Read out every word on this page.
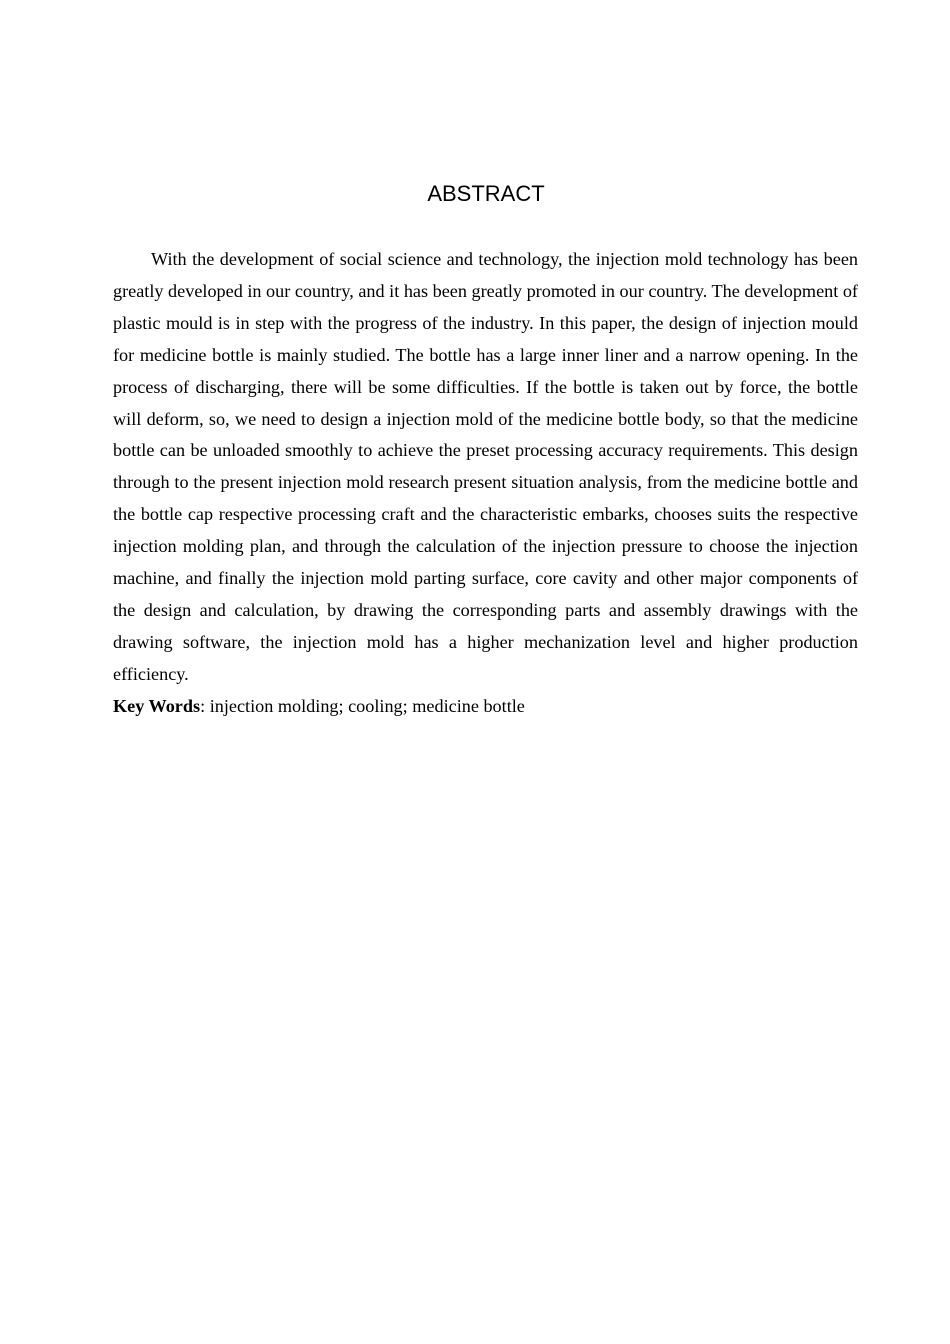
ABSTRACT

With the development of social science and technology, the injection mold technology has been greatly developed in our country, and it has been greatly promoted in our country. The development of plastic mould is in step with the progress of the industry. In this paper, the design of injection mould for medicine bottle is mainly studied. The bottle has a large inner liner and a narrow opening. In the process of discharging, there will be some difficulties. If the bottle is taken out by force, the bottle will deform, so, we need to design a injection mold of the medicine bottle body, so that the medicine bottle can be unloaded smoothly to achieve the preset processing accuracy requirements. This design through to the present injection mold research present situation analysis, from the medicine bottle and the bottle cap respective processing craft and the characteristic embarks, chooses suits the respective injection molding plan, and through the calculation of the injection pressure to choose the injection machine, and finally the injection mold parting surface, core cavity and other major components of the design and calculation, by drawing the corresponding parts and assembly drawings with the drawing software, the injection mold has a higher mechanization level and higher production efficiency.

Key Words: injection molding; cooling; medicine bottle
